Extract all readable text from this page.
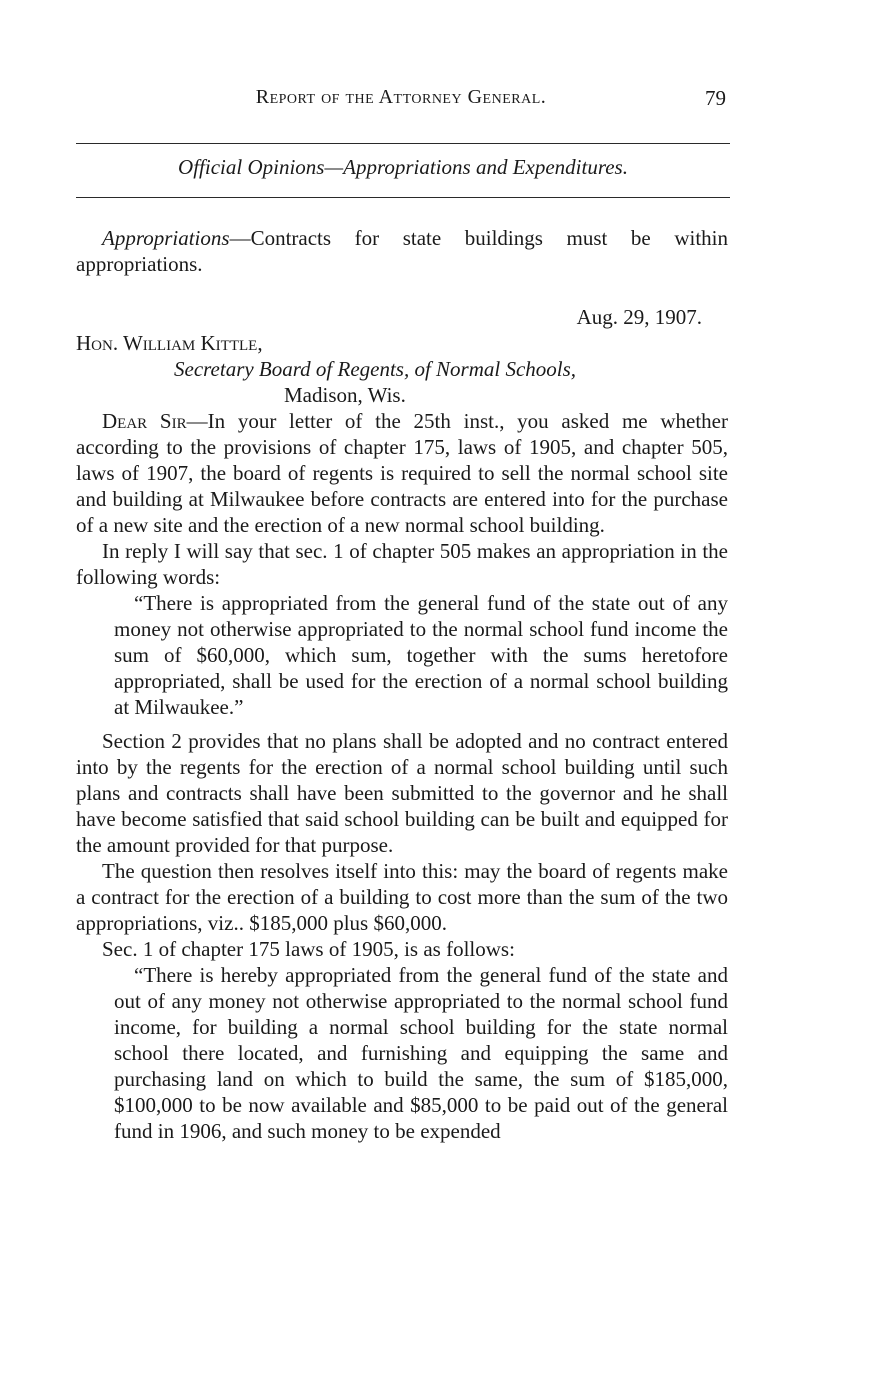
Report of the Attorney General.	79
Official Opinions—Appropriations and Expenditures.

Appropriations—Contracts for state buildings must be within appropriations.

Aug. 29, 1907.

Hon. William Kittle,

Secretary Board of Regents, of Normal Schools,

Madison, Wis.

Dear Sir—In your letter of the 25th inst., you asked me whether according to the provisions of chapter 175, laws of 1905, and chapter 505, laws of 1907, the board of regents is required to sell the normal school site and building at Milwaukee before contracts are entered into for the purchase of a new site and the erection of a new normal school building.

In reply I will say that sec. 1 of chapter 505 makes an appropriation in the following words:

“There is appropriated from the general fund of the state out of any money not otherwise appropriated to the normal school fund income the sum of $60,000, which sum, together with the sums heretofore appropriated, shall be used for the erection of a normal school building at Milwaukee.”

Section 2 provides that no plans shall be adopted and no contract entered into by the regents for the erection of a normal school building until such plans and contracts shall have been submitted to the governor and he shall have become satisfied that said school building can be built and equipped for the amount provided for that purpose.

The question then resolves itself into this: may the board of regents make a contract for the erection of a building to cost more than the sum of the two appropriations, viz.. $185,000 plus $60,000.

Sec. 1 of chapter 175 laws of 1905, is as follows:

“There is hereby appropriated from the general fund of the state and out of any money not otherwise appropriated to the normal school fund income, for building a normal school building for the state normal school there located, and furnishing and equipping the same and purchasing land on which to build the same, the sum of $185,000, $100,000 to be now available and $85,000 to be paid out of the general fund in 1906, and such money to be expended
